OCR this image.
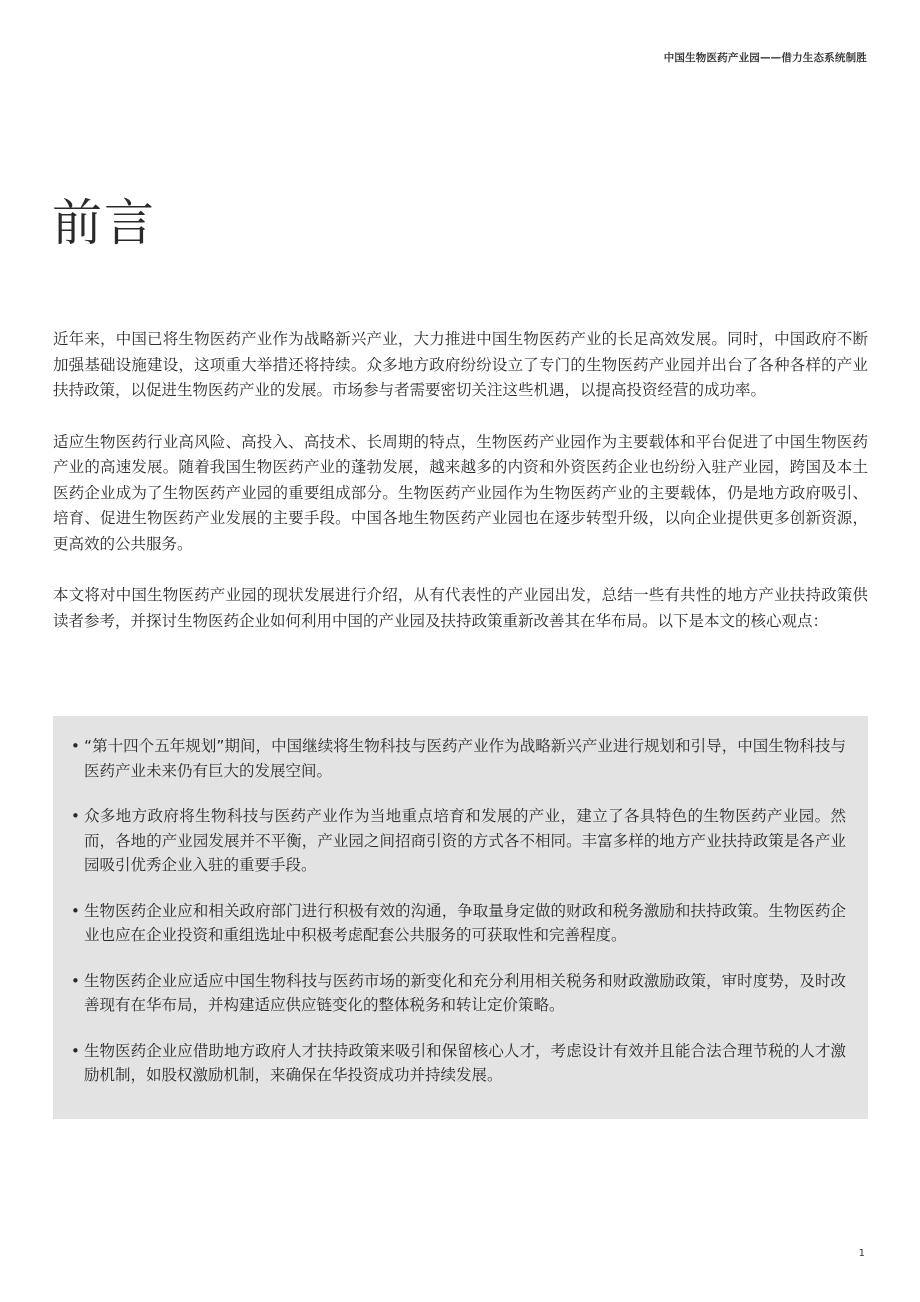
中国生物医药产业园——借力生态系统制胜
前言

近年来，中国已将生物医药产业作为战略新兴产业，大力推进中国生物医药产业的长足高效发展。同时，中国政府不断加强基础设施建设，这项重大举措还将持续。众多地方政府纷纷设立了专门的生物医药产业园并出台了各种各样的产业扶持政策，以促进生物医药产业的发展。市场参与者需要密切关注这些机遇，以提高投资经营的成功率。

适应生物医药行业高风险、高投入、高技术、长周期的特点，生物医药产业园作为主要载体和平台促进了中国生物医药产业的高速发展。随着我国生物医药产业的蓬勃发展，越来越多的内资和外资医药企业也纷纷入驻产业园，跨国及本土医药企业成为了生物医药产业园的重要组成部分。生物医药产业园作为生物医药产业的主要载体，仍是地方政府吸引、培育、促进生物医药产业发展的主要手段。中国各地生物医药产业园也在逐步转型升级，以向企业提供更多创新资源，更高效的公共服务。

本文将对中国生物医药产业园的现状发展进行介绍，从有代表性的产业园出发，总结一些有共性的地方产业扶持政策供读者参考，并探讨生物医药企业如何利用中国的产业园及扶持政策重新改善其在华布局。以下是本文的核心观点：

• “第十四个五年规划”期间，中国继续将生物科技与医药产业作为战略新兴产业进行规划和引导，中国生物科技与医药产业未来仍有巨大的发展空间。
• 众多地方政府将生物科技与医药产业作为当地重点培育和发展的产业，建立了各具特色的生物医药产业园。然而，各地的产业园发展并不平衡，产业园之间招商引资的方式各不相同。丰富多样的地方产业扶持政策是各产业园吸引优秀企业入驻的重要手段。
• 生物医药企业应和相关政府部门进行积极有效的沟通，争取量身定做的财政和税务激励和扶持政策。生物医药企业也应在企业投资和重组选址中积极考虑配套公共服务的可获取性和完善程度。
• 生物医药企业应适应中国生物科技与医药市场的新变化和充分利用相关税务和财政激励政策，审时度势，及时改善现有在华布局，并构建适应供应链变化的整体税务和转让定价策略。
• 生物医药企业应借助地方政府人才扶持政策来吸引和保留核心人才，考虑设计有效并且能合法合理节税的人才激励机制，如股权激励机制，来确保在华投资成功并持续发展。
1
